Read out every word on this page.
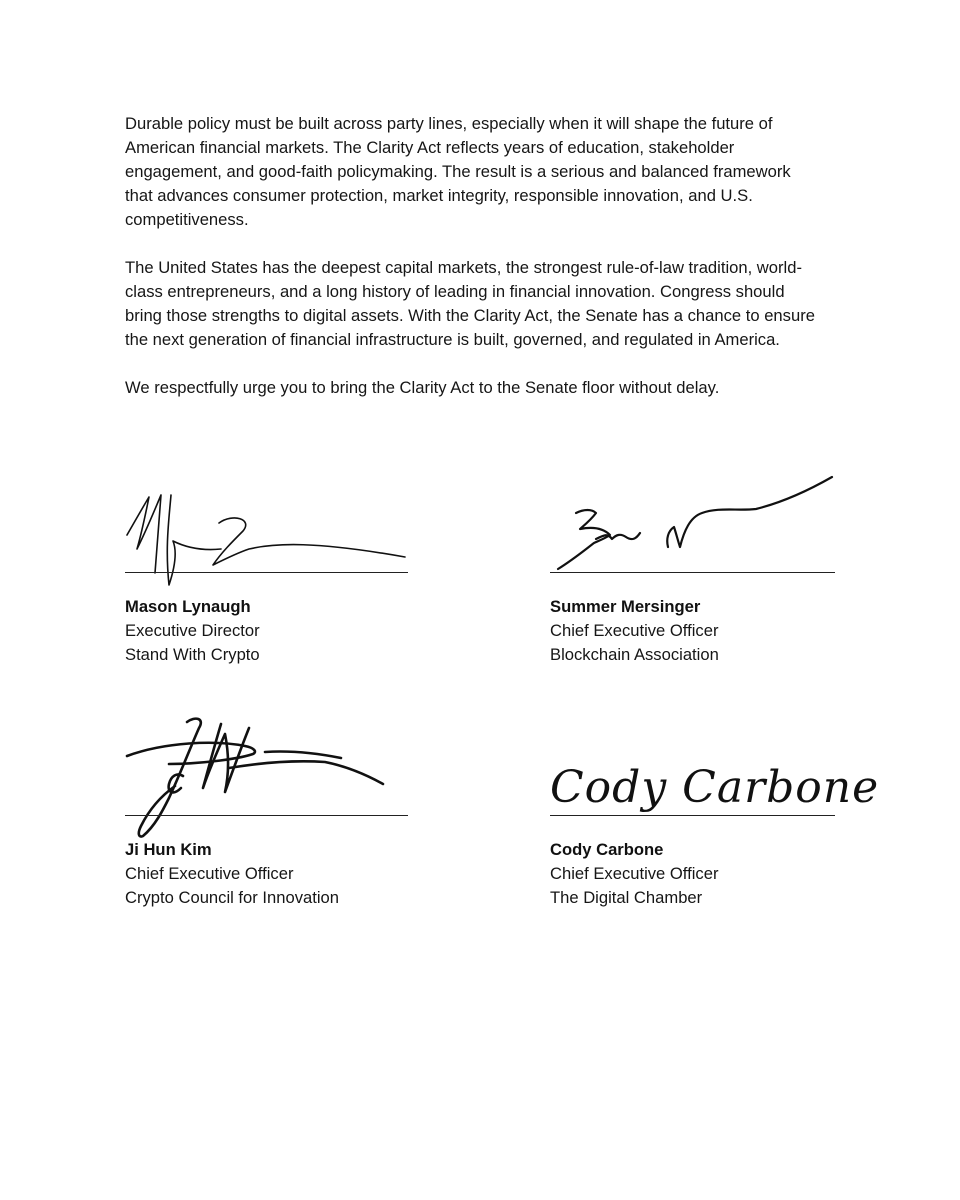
Durable policy must be built across party lines, especially when it will shape the future of American financial markets. The Clarity Act reflects years of education, stakeholder engagement, and good-faith policymaking. The result is a serious and balanced framework that advances consumer protection, market integrity, responsible innovation, and U.S. competitiveness.

The United States has the deepest capital markets, the strongest rule-of-law tradition, world-class entrepreneurs, and a long history of leading in financial innovation. Congress should bring those strengths to digital assets. With the Clarity Act, the Senate has a chance to ensure the next generation of financial infrastructure is built, governed, and regulated in America.

We respectfully urge you to bring the Clarity Act to the Senate floor without delay.

Mason Lynaugh
Executive Director
Stand With Crypto
Summer Mersinger
Chief Executive Officer
Blockchain Association
Ji Hun Kim
Chief Executive Officer
Crypto Council for Innovation
Cody Carbone
Cody Carbone
Chief Executive Officer
The Digital Chamber
